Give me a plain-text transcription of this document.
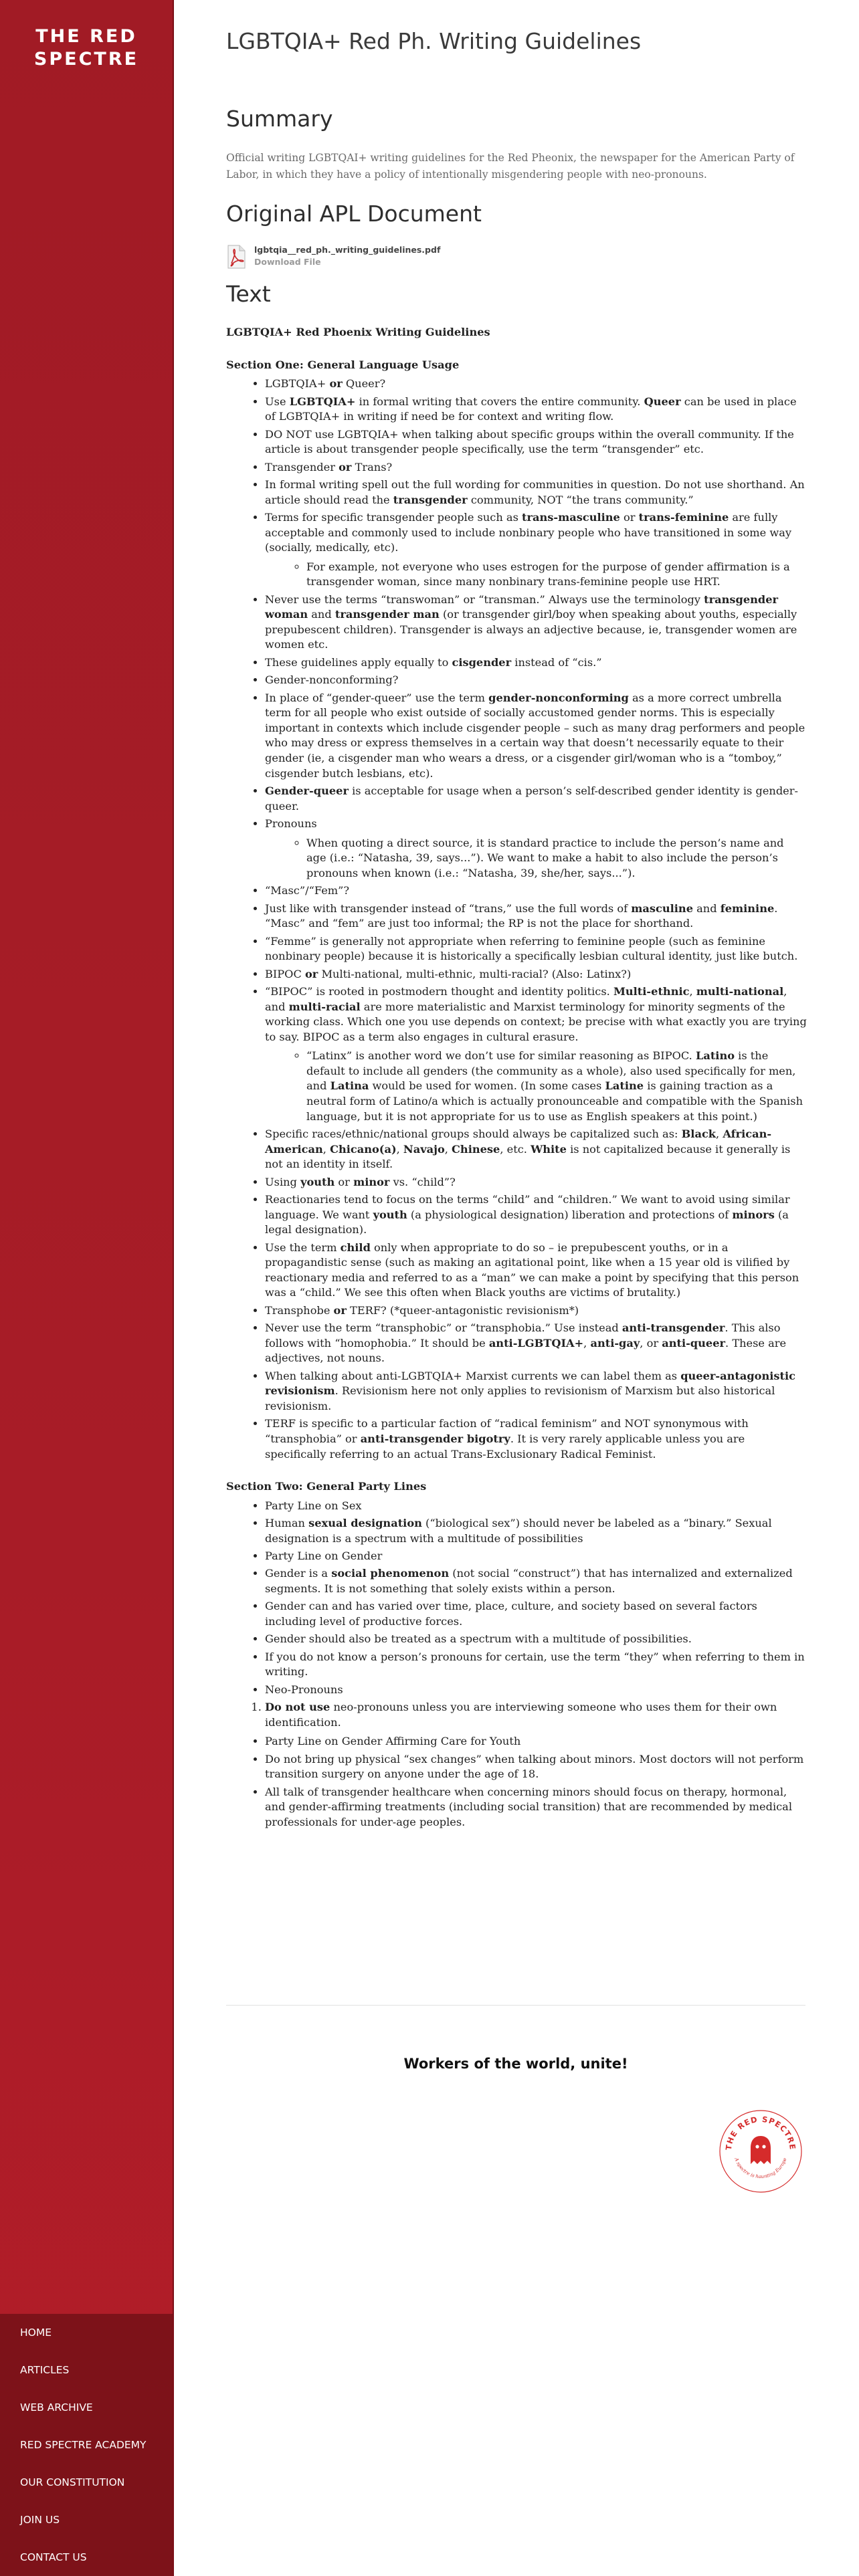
THE RED
SPECTRE
HOME
ARTICLES
WEB ARCHIVE
RED SPECTRE ACADEMY
OUR CONSTITUTION
JOIN US
CONTACT US
LGBTQIA+ Red Ph. Writing Guidelines
Summary

Official writing LGBTQAI+ writing guidelines for the Red Pheonix, the newspaper for the American Party of Labor, in which they have a policy of intentionally misgendering people with neo-pronouns.

Original APL Document
lgbtqia__red_ph._writing_guidelines.pdf
Download File
Text

LGBTQIA+ Red Phoenix Writing Guidelines

Section One: General Language Usage

• LGBTQIA+ or Queer?
• Use LGBTQIA+ in formal writing that covers the entire community. Queer can be used in place of LGBTQIA+ in writing if need be for context and writing flow.
• DO NOT use LGBTQIA+ when talking about specific groups within the overall community. If the article is about transgender people specifically, use the term “transgender” etc.
• Transgender or Trans?
• In formal writing spell out the full wording for communities in question. Do not use shorthand. An article should read the transgender community, NOT “the trans community.”
• Terms for specific transgender people such as trans-masculine or trans-feminine are fully acceptable and commonly used to include nonbinary people who have transitioned in some way (socially, medically, etc).
◦ For example, not everyone who uses estrogen for the purpose of gender affirmation is a transgender woman, since many nonbinary trans-feminine people use HRT.
• Never use the terms “transwoman” or “transman.” Always use the terminology transgender woman and transgender man (or transgender girl/boy when speaking about youths, especially prepubescent children). Transgender is always an adjective because, ie, transgender women are women etc.
• These guidelines apply equally to cisgender instead of “cis.”
• Gender-nonconforming?
• In place of “gender-queer” use the term gender-nonconforming as a more correct umbrella term for all people who exist outside of socially accustomed gender norms. This is especially important in contexts which include cisgender people – such as many drag performers and people who may dress or express themselves in a certain way that doesn’t necessarily equate to their gender (ie, a cisgender man who wears a dress, or a cisgender girl/woman who is a “tomboy,” cisgender butch lesbians, etc).
• Gender-queer is acceptable for usage when a person’s self-described gender identity is gender-queer.
• Pronouns
◦ When quoting a direct source, it is standard practice to include the person’s name and age (i.e.: “Natasha, 39, says...”). We want to make a habit to also include the person’s pronouns when known (i.e.: “Natasha, 39, she/her, says...”).
• “Masc”/“Fem”?
• Just like with transgender instead of “trans,” use the full words of masculine and feminine. “Masc” and “fem” are just too informal; the RP is not the place for shorthand.
• “Femme” is generally not appropriate when referring to feminine people (such as feminine nonbinary people) because it is historically a specifically lesbian cultural identity, just like butch.
• BIPOC or Multi-national, multi-ethnic, multi-racial? (Also: Latinx?)
• “BIPOC” is rooted in postmodern thought and identity politics. Multi-ethnic, multi-national, and multi-racial are more materialistic and Marxist terminology for minority segments of the working class. Which one you use depends on context; be precise with what exactly you are trying to say. BIPOC as a term also engages in cultural erasure.
◦ “Latinx” is another word we don’t use for similar reasoning as BIPOC. Latino is the default to include all genders (the community as a whole), also used specifically for men, and Latina would be used for women. (In some cases Latine is gaining traction as a neutral form of Latino/a which is actually pronounceable and compatible with the Spanish language, but it is not appropriate for us to use as English speakers at this point.)
• Specific races/ethnic/national groups should always be capitalized such as: Black, African-American, Chicano(a), Navajo, Chinese, etc. White is not capitalized because it generally is not an identity in itself.
• Using youth or minor vs. “child”?
• Reactionaries tend to focus on the terms “child” and “children.” We want to avoid using similar language. We want youth (a physiological designation) liberation and protections of minors (a legal designation).
• Use the term child only when appropriate to do so – ie prepubescent youths, or in a propagandistic sense (such as making an agitational point, like when a 15 year old is vilified by reactionary media and referred to as a “man” we can make a point by specifying that this person was a “child.” We see this often when Black youths are victims of brutality.)
• Transphobe or TERF? (*queer-antagonistic revisionism*)
• Never use the term “transphobic” or “transphobia.” Use instead anti-transgender. This also follows with “homophobia.” It should be anti-LGBTQIA+, anti-gay, or anti-queer. These are adjectives, not nouns.
• When talking about anti-LGBTQIA+ Marxist currents we can label them as queer-antagonistic revisionism. Revisionism here not only applies to revisionism of Marxism but also historical revisionism.
• TERF is specific to a particular faction of “radical feminism” and NOT synonymous with “transphobia” or anti-transgender bigotry. It is very rarely applicable unless you are specifically referring to an actual Trans-Exclusionary Radical Feminist.

Section Two: General Party Lines

• Party Line on Sex
• Human sexual designation (“biological sex”) should never be labeled as a “binary.” Sexual designation is a spectrum with a multitude of possibilities
• Party Line on Gender
• Gender is a social phenomenon (not social “construct”) that has internalized and externalized segments. It is not something that solely exists within a person.
• Gender can and has varied over time, place, culture, and society based on several factors including level of productive forces.
• Gender should also be treated as a spectrum with a multitude of possibilities.
• If you do not know a person’s pronouns for certain, use the term “they” when referring to them in writing.
• Neo-Pronouns
1. Do not use neo-pronouns unless you are interviewing someone who uses them for their own identification.
• Party Line on Gender Affirming Care for Youth
• Do not bring up physical “sex changes” when talking about minors. Most doctors will not perform transition surgery on anyone under the age of 18.
• All talk of transgender healthcare when concerning minors should focus on therapy, hormonal, and gender-affirming treatments (including social transition) that are recommended by medical professionals for under-age peoples.
Workers of the world, unite!
THE RED SPECTRE
A spectre is haunting Europe
